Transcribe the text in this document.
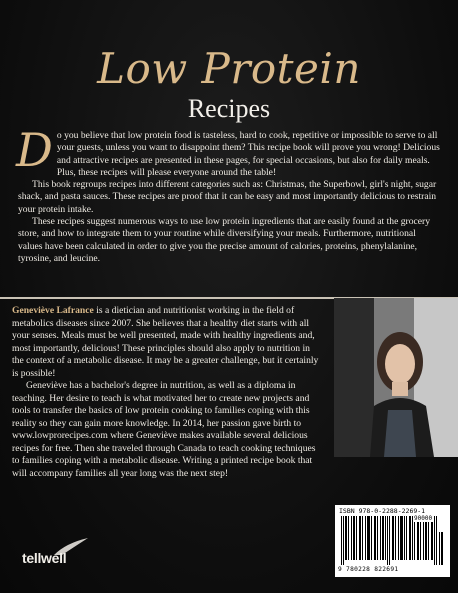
Low Protein
Recipes

Do you believe that low protein food is tasteless, hard to cook, repetitive or impossible to serve to all your guests, unless you want to disappoint them? This recipe book will prove you wrong! Delicious and attractive recipes are presented in these pages, for special occasions, but also for daily meals. Plus, these recipes will please everyone around the table!

This book regroups recipes into different categories such as: Christmas, the Superbowl, girl's night, sugar shack, and pasta sauces. These recipes are proof that it can be easy and most importantly delicious to restrain your protein intake.

These recipes suggest numerous ways to use low protein ingredients that are easily found at the grocery store, and how to integrate them to your routine while diversifying your meals. Furthermore, nutritional values have been calculated in order to give you the precise amount of calories, proteins, phenylalanine, tyrosine, and leucine.

Geneviève Lafrance is a dietician and nutritionist working in the field of metabolics diseases since 2007. She believes that a healthy diet starts with all your senses. Meals must be well presented, made with healthy ingredients and, most importantly, delicious! These principles should also apply to nutrition in the context of a metabolic disease. It may be a greater challenge, but it certainly is possible!

Geneviève has a bachelor's degree in nutrition, as well as a diploma in teaching. Her desire to teach is what motivated her to create new projects and tools to transfer the basics of low protein cooking to families coping with this reality so they can gain more knowledge. In 2014, her passion gave birth to www.lowprorecipes.com where Geneviève makes available several delicious recipes for free. Then she traveled through Canada to teach cooking techniques to families coping with a metabolic disease. Writing a printed recipe book that will accompany families all year long was the next step!

ISBN 978-0-2288-2269-1
90000
9 780228 822691
tellwell
